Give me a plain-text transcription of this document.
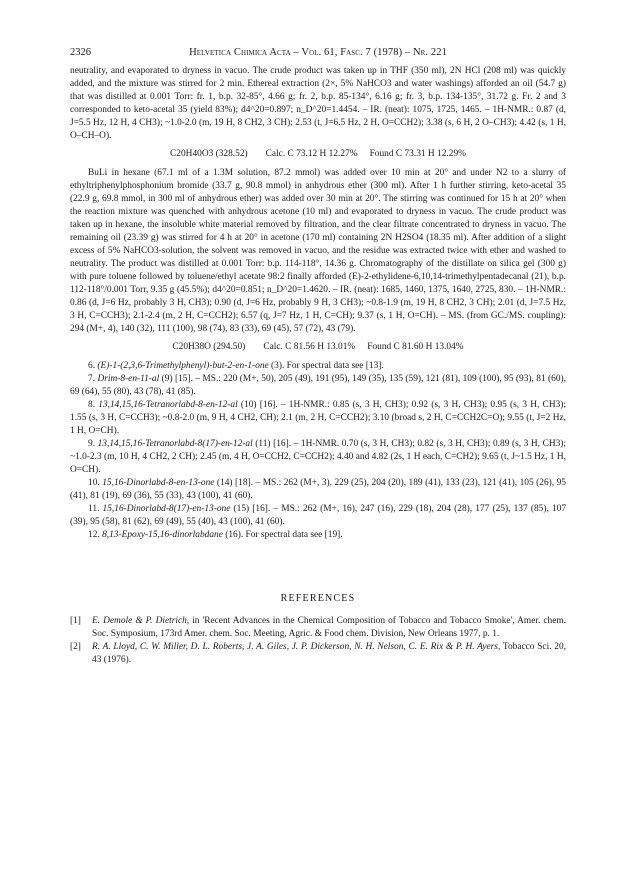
2326	Helvetica Chimica Acta – Vol. 61, Fasc. 7 (1978) – Nr. 221

neutrality, and evaporated to dryness in vacuo. The crude product was taken up in THF (350 ml), 2N HCl (208 ml) was quickly added, and the mixture was stirred for 2 min. Ethereal extraction (2×, 5% NaHCO3 and water washings) afforded an oil (54.7 g) that was distilled at 0.001 Torr: fr. 1, b.p. 32-85°, 4.66 g; fr. 2, b.p. 85-134°, 6.16 g; fr. 3, b.p. 134-135°, 31.72 g. Fr. 2 and 3 corresponded to keto-acetal 35 (yield 83%); d4^20=0.897; n_D^20=1.4454. – IR. (neat): 1075, 1725, 1465. – 1H-NMR.: 0.87 (d, J=5.5 Hz, 12 H, 4 CH3); ~1.0-2.0 (m, 19 H, 8 CH2, 3 CH); 2.53 (t, J=6.5 Hz, 2 H, O=CCH2); 3.38 (s, 6 H, 2 O–CH3); 4.42 (s, 1 H, O–CH–O).

C20H40O3 (328.52) Calc. C 73.12 H 12.27% Found C 73.31 H 12.29%

BuLi in hexane (67.1 ml of a 1.3M solution, 87.2 mmol) was added over 10 min at 20° and under N2 to a slurry of ethyltriphenylphosphonium bromide (33.7 g, 90.8 mmol) in anhydrous ether (300 ml). After 1 h further stirring, keto-acetal 35 (22.9 g, 69.8 mmol, in 300 ml of anhydrous ether) was added over 30 min at 20°. The stirring was continued for 15 h at 20° when the reaction mixture was quenched with anhydrous acetone (10 ml) and evaporated to dryness in vacuo. The crude product was taken up in hexane, the insoluble white material removed by filtration, and the clear filtrate concentrated to dryness in vacuo. The remaining oil (23.39 g) was stirred for 4 h at 20° in acetone (170 ml) containing 2N H2SO4 (18.35 ml). After addition of a slight excess of 5% NaHCO3-solution, the solvent was removed in vacuo, and the residue was extracted twice with ether and washed to neutrality. The product was distilled at 0.001 Torr: b.p. 114-118°, 14.36 g. Chromatography of the distillate on silica gel (300 g) with pure toluene followed by toluene/ethyl acetate 98:2 finally afforded (E)-2-ethylidene-6,10,14-trimethylpentadecanal (21), b.p. 112-118°/0.001 Torr, 9.35 g (45.5%); d4^20=0.851; n_D^20=1.4620. – IR. (neat): 1685, 1460, 1375, 1640, 2725, 830. – 1H-NMR.: 0.86 (d, J=6 Hz, probably 3 H, CH3); 0.90 (d, J=6 Hz, probably 9 H, 3 CH3); ~0.8-1.9 (m, 19 H, 8 CH2, 3 CH); 2.01 (d, J=7.5 Hz, 3 H, C=CCH3); 2.1-2.4 (m, 2 H, C=CCH2); 6.57 (q, J=7 Hz, 1 H, C=CH); 9.37 (s, 1 H, O=CH). – MS. (from GC./MS. coupling): 294 (M+, 4), 140 (32), 111 (100), 98 (74), 83 (33), 69 (45), 57 (72), 43 (79).

C20H38O (294.50) Calc. C 81.56 H 13.01% Found C 81.60 H 13.04%

6. (E)-1-(2,3,6-Trimethylphenyl)-but-2-en-1-one (3). For spectral data see [13].

7. Drim-8-en-11-al (9) [15]. – MS.: 220 (M+, 50), 205 (49), 191 (95), 149 (35), 135 (59), 121 (81), 109 (100), 95 (93), 81 (60), 69 (64), 55 (80), 43 (78), 41 (85).

8. 13,14,15,16-Tetranorlabd-8-en-12-al (10) [16]. – 1H-NMR.: 0.85 (s, 3 H, CH3); 0.92 (s, 3 H, CH3); 0.95 (s, 3 H, CH3); 1.55 (s, 3 H, C=CCH3); ~0.8-2.0 (m, 9 H, 4 CH2, CH); 2.1 (m, 2 H, C=CCH2); 3.10 (broad s, 2 H, C=CCH2C=O); 9.55 (t, J=2 Hz, 1 H, O=CH).

9. 13,14,15,16-Tetranorlabd-8(17)-en-12-al (11) [16]. – 1H-NMR. 0.70 (s, 3 H, CH3); 0.82 (s, 3 H, CH3); 0.89 (s, 3 H, CH3); ~1.0-2.3 (m, 10 H, 4 CH2, 2 CH); 2.45 (m, 4 H, O=CCH2, C=CCH2); 4.40 and 4.82 (2s, 1 H each, C=CH2); 9.65 (t, J~1.5 Hz, 1 H, O=CH).

10. 15,16-Dinorlabd-8-en-13-one (14) [18]. – MS.: 262 (M+, 3), 229 (25), 204 (20), 189 (41), 133 (23), 121 (41), 105 (26), 95 (41), 81 (19), 69 (36), 55 (33), 43 (100), 41 (60).

11. 15,16-Dinorlabd-8(17)-en-13-one (15) [16]. – MS.: 262 (M+, 16), 247 (16), 229 (18), 204 (28), 177 (25), 137 (85), 107 (39), 95 (58), 81 (62), 69 (49), 55 (40), 43 (100), 41 (60).

12. 8,13-Epoxy-15,16-dinorlabdane (16). For spectral data see [19].

REFERENCES
[1] E. Demole & P. Dietrich, in 'Recent Advances in the Chemical Composition of Tobacco and Tobacco Smoke', Amer. chem. Soc. Symposium, 173rd Amer. chem. Soc. Meeting, Agric. & Food chem. Division, New Orleans 1977, p. 1.
[2] R. A. Lloyd, C. W. Miller, D. L. Roberts, J. A. Giles, J. P. Dickerson, N. H. Nelson, C. E. Rix & P. H. Ayers, Tobacco Sci. 20, 43 (1976).
